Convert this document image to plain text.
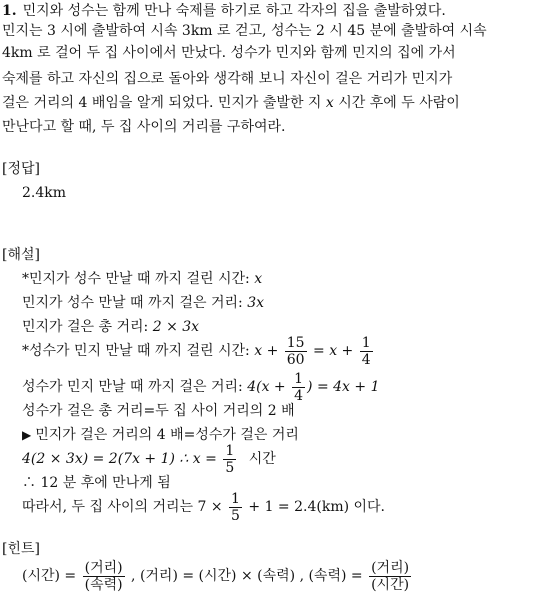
1. 민지와 성수는 함께 만나 숙제를 하기로 하고 각자의 집을 출발하였다.
민지는 3 시에 출발하여 시속 3km 로 걷고, 성수는 2 시 45 분에 출발하여 시속
4km 로 걸어 두 집 사이에서 만났다. 성수가 민지와 함께 민지의 집에 가서
숙제를 하고 자신의 집으로 돌아와 생각해 보니 자신이 걸은 거리가 민지가
걸은 거리의 4 배임을 알게 되었다. 민지가 출발한 지 x 시간 후에 두 사람이
만난다고 할 때, 두 집 사이의 거리를 구하여라.
[정답]
2.4km
[해설]
*민지가 성수 만날 때 까지 걸린 시간: x
민지가 성수 만날 때 까지 걸은 거리: 3x
민지가 걸은 총 거리: 2 × 3x
*성수가 민지 만날 때 까지 걸린 시간: $x + \frac{15}{60} = x + \frac{1}{4}$
성수가 민지 만날 때 까지 걸은 거리: $4(x + \frac{1}{4}$ ) = 4x + 1
성수가 걸은 총 거리=두 집 사이 거리의 2 배
▶ 민지가 걸은 거리의 4 배=성수가 걸은 거리
4(2 × 3x) = 2(7x + 1) ∴ $x = \frac{1}{5}$ 시간
∴ 12 분 후에 만나게 됨
따라서, 두 집 사이의 거리는 $7 \times \frac{1}{5} + 1 = 2.4(km)$ 이다.
[힌트]
(시간) = $\frac{\text{(거리)}}{\text{(속력)}}$ , (거리) = (시간) × (속력) , (속력) = $\frac{\text{(거리)}}{\text{(시간)}}$
